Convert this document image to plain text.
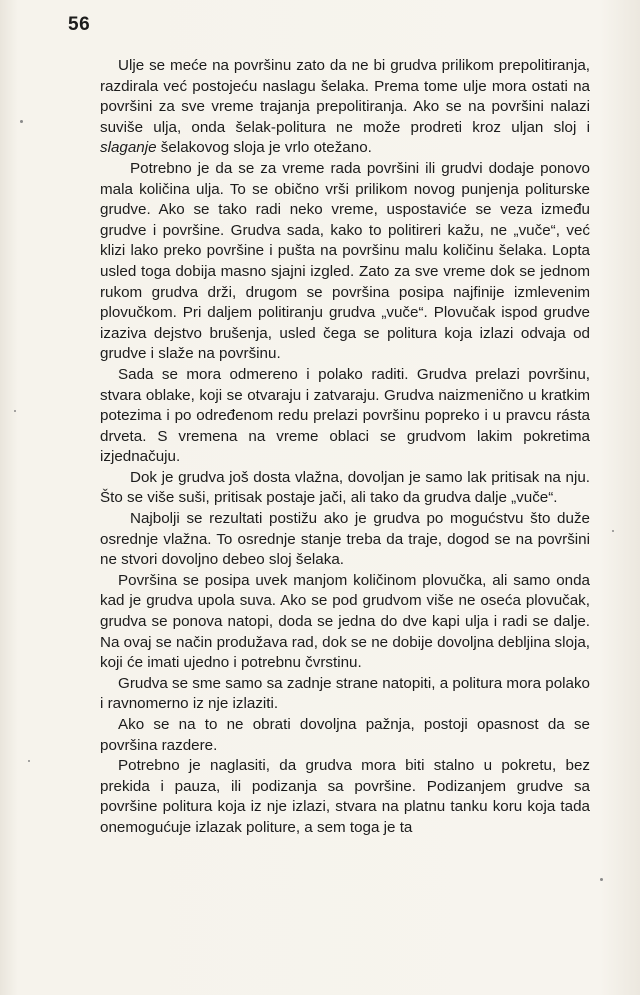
56

Ulje se meće na površinu zato da ne bi grudva prilikom prepolitiranja, razdirala već postojeću naslagu šelaka. Prema tome ulje mora ostati na površini za sve vreme trajanja prepolitiranja. Ako se na površini nalazi suviše ulja, onda šelak-politura ne može prodreti kroz uljan sloj i slaganje šelakovog sloja je vrlo otežano.

Potrebno je da se za vreme rada površini ili grudvi dodaje ponovo mala količina ulja. To se obično vrši prilikom novog punjenja politurske grudve. Ako se tako radi neko vreme, uspostaviće se veza između grudve i površine. Grudva sada, kako to politireri kažu, ne „vuče“, već klizi lako preko površine i pušta na površinu malu količinu šelaka. Lopta usled toga dobija masno sjajni izgled. Zato za sve vreme dok se jednom rukom grudva drži, drugom se površina posipa najfinije izmlevenim plovučkom. Pri daljem politiranju grudva „vuče“. Plovučak ispod grudve izaziva dejstvo brušenja, usled čega se politura koja izlazi odvaja od grudve i slaže na površinu.

Sada se mora odmereno i polako raditi. Grudva prelazi površinu, stvara oblake, koji se otvaraju i zatvaraju. Grudva naizmenično u kratkim potezima i po određenom redu prelazi površinu popreko i u pravcu rásta drveta. S vremena na vreme oblaci se grudvom lakim pokretima izjednačuju.

Dok je grudva još dosta vlažna, dovoljan je samo lak pritisak na nju. Što se više suši, pritisak postaje jači, ali tako da grudva dalje „vuče“.

Najbolji se rezultati postižu ako je grudva po mogućstvu što duže osrednje vlažna. To osrednje stanje treba da traje, dogod se na površini ne stvori dovoljno debeo sloj šelaka.

Površina se posipa uvek manjom količinom plovučka, ali samo onda kad je grudva upola suva. Ako se pod grudvom više ne oseća plovučak, grudva se ponova natopi, doda se jedna do dve kapi ulja i radi se dalje. Na ovaj se način produžava rad, dok se ne dobije dovoljna debljina sloja, koji će imati ujedno i potrebnu čvrstinu.

Grudva se sme samo sa zadnje strane natopiti, a politura mora polako i ravnomerno iz nje izlaziti.

Ako se na to ne obrati dovoljna pažnja, postoji opasnost da se površina razdere.

Potrebno je naglasiti, da grudva mora biti stalno u pokretu, bez prekida i pauza, ili podizanja sa površine. Podizanjem grudve sa površine politura koja iz nje izlazi, stvara na platnu tanku koru koja tada onemogućuje izlazak politure, a sem toga je ta
